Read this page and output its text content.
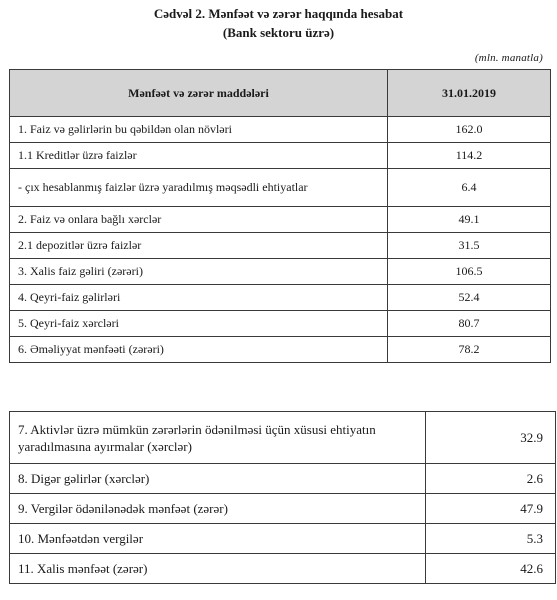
Cədvəl 2. Mənfəət və zərər haqqında hesabat
(Bank sektoru üzrə)
(mln. manatla)
Mənfəət və zərər maddələri	31.01.2019
1. Faiz və gəlirlərin bu qəbildən olan növləri	162.0
1.1 Kreditlər üzrə faizlər	114.2
- çıx hesablanmış faizlər üzrə yaradılmış məqsədli ehtiyatlar	6.4
2. Faiz və onlara bağlı xərclər	49.1
2.1 depozitlər üzrə faizlər	31.5
3. Xalis faiz gəliri (zərəri)	106.5
4. Qeyri-faiz gəlirləri	52.4
5. Qeyri-faiz xərcləri	80.7
6. Əməliyyat mənfəəti (zərəri)	78.2
7. Aktivlər üzrə mümkün zərərlərin ödənilməsi üçün xüsusi ehtiyatın yaradılmasına ayırmalar (xərclər)	32.9
8. Digər gəlirlər (xərclər)	2.6
9. Vergilər ödənilənədək mənfəət (zərər)	47.9
10. Mənfəətdən vergilər	5.3
11. Xalis mənfəət (zərər)	42.6
